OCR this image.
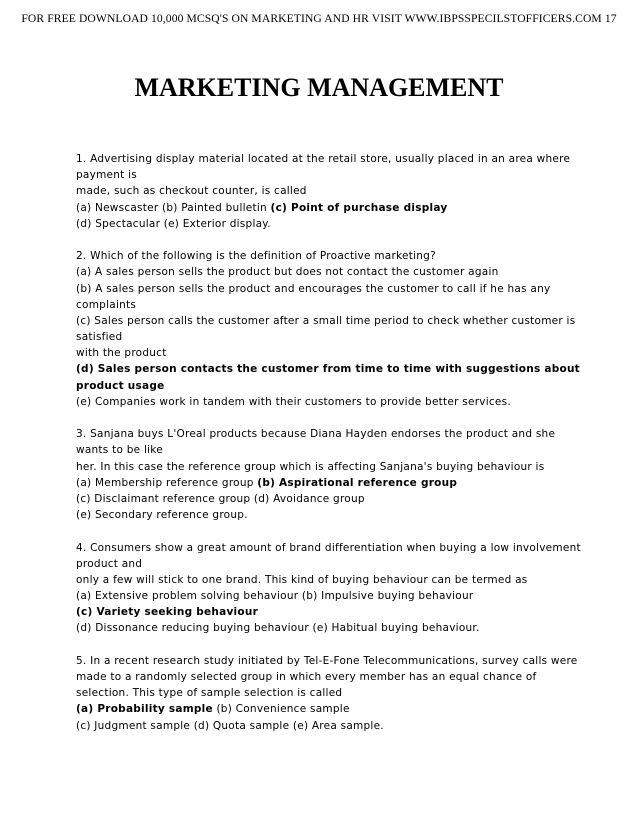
FOR FREE DOWNLOAD 10,000 MCSQ'S ON MARKETING AND HR VISIT WWW.IBPSSPECILSTOFFICERS.COM 17
MARKETING MANAGEMENT
1. Advertising display material located at the retail store, usually placed in an area where
payment is
made, such as checkout counter, is called
(a) Newscaster (b) Painted bulletin (c) Point of purchase display
(d) Spectacular (e) Exterior display.
2. Which of the following is the definition of Proactive marketing?
(a) A sales person sells the product but does not contact the customer again
(b) A sales person sells the product and encourages the customer to call if he has any
complaints
(c) Sales person calls the customer after a small time period to check whether customer is
satisfied
with the product
(d) Sales person contacts the customer from time to time with suggestions about
product usage
(e) Companies work in tandem with their customers to provide better services.
3. Sanjana buys L'Oreal products because Diana Hayden endorses the product and she
wants to be like
her. In this case the reference group which is affecting Sanjana's buying behaviour is
(a) Membership reference group (b) Aspirational reference group
(c) Disclaimant reference group (d) Avoidance group
(e) Secondary reference group.
4. Consumers show a great amount of brand differentiation when buying a low involvement
product and
only a few will stick to one brand. This kind of buying behaviour can be termed as
(a) Extensive problem solving behaviour (b) Impulsive buying behaviour
(c) Variety seeking behaviour
(d) Dissonance reducing buying behaviour (e) Habitual buying behaviour.
5. In a recent research study initiated by Tel-E-Fone Telecommunications, survey calls were
made to a randomly selected group in which every member has an equal chance of
selection. This type of sample selection is called
(a) Probability sample (b) Convenience sample
(c) Judgment sample (d) Quota sample (e) Area sample.
